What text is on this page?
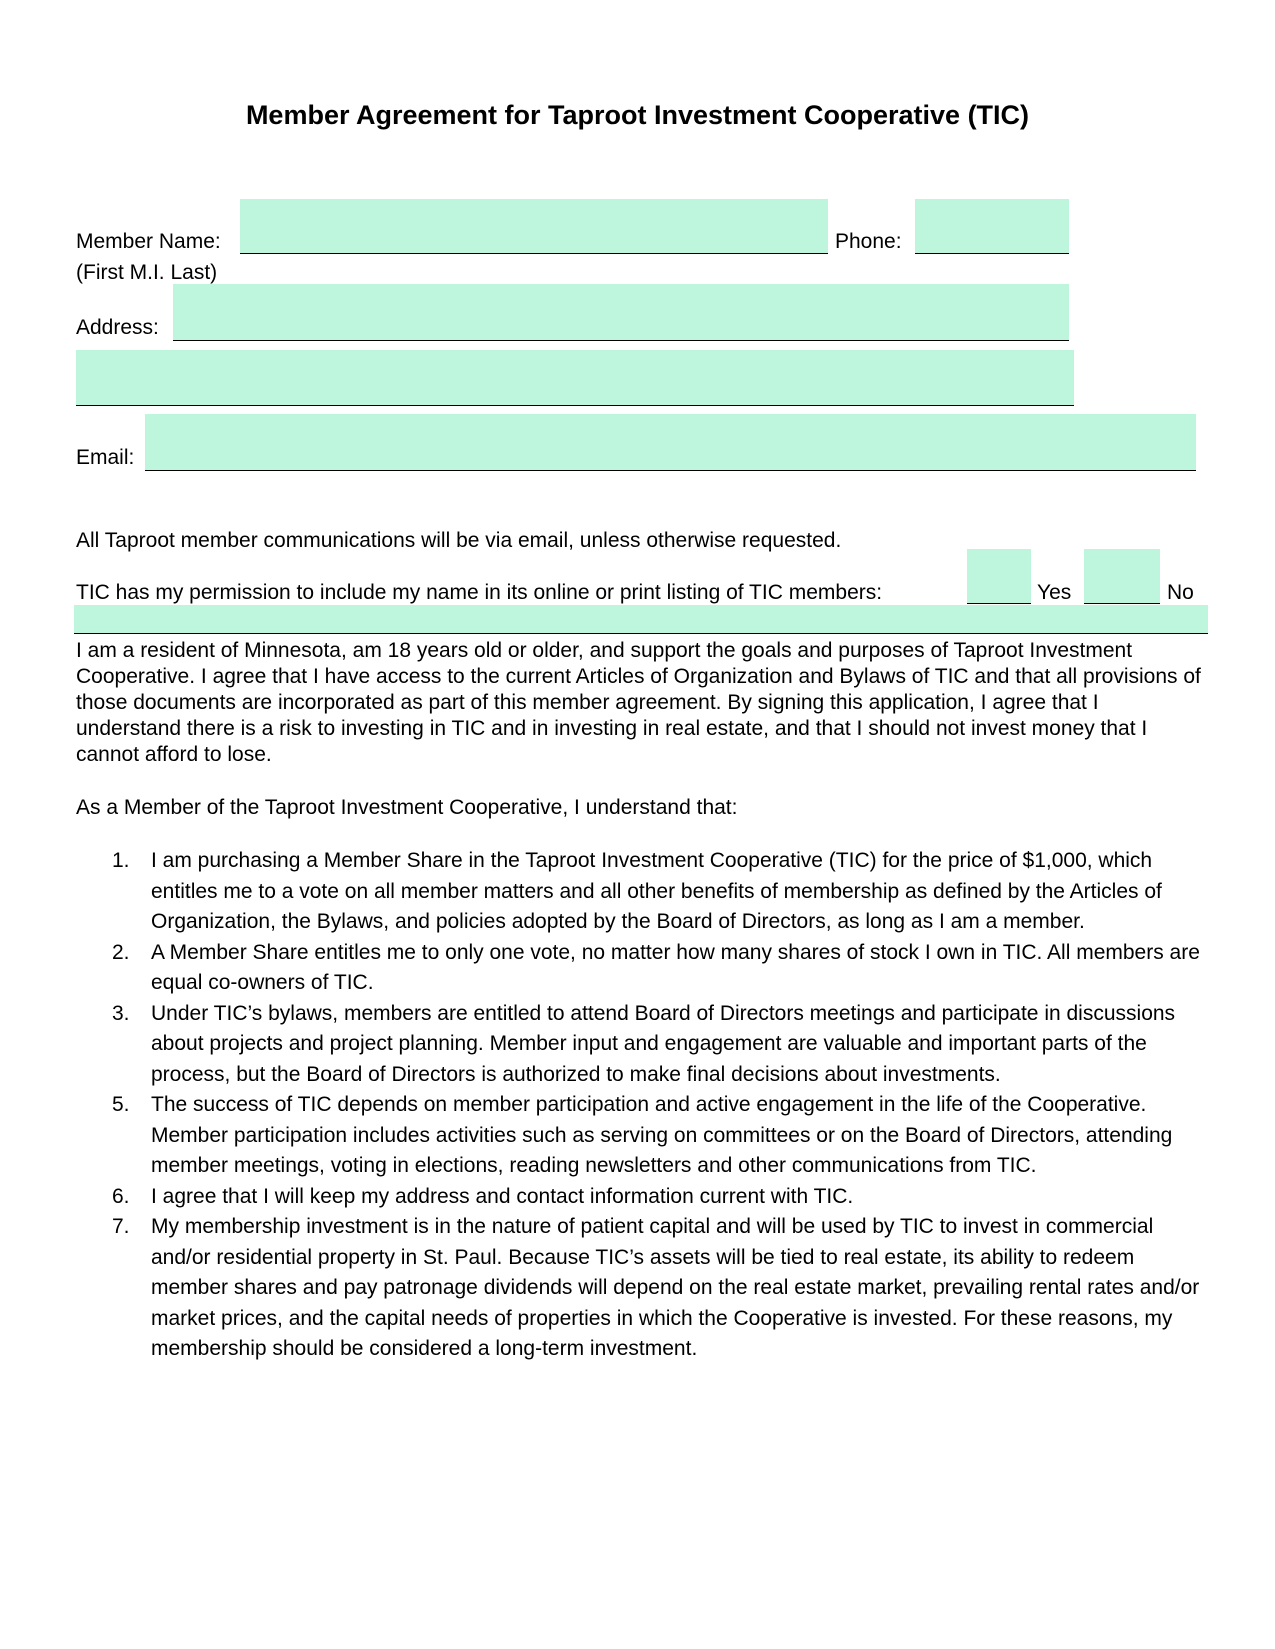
Member Agreement for Taproot Investment Cooperative (TIC)
Member Name:	Phone:
(First M.I. Last)
Address:
Email:
All Taproot member communications will be via email, unless otherwise requested.
TIC has my permission to include my name in its online or print listing of TIC members:	Yes	No
I am a resident of Minnesota, am 18 years old or older, and support the goals and purposes of Taproot Investment Cooperative. I agree that I have access to the current Articles of Organization and Bylaws of TIC and that all provisions of those documents are incorporated as part of this member agreement. By signing this application, I agree that I understand there is a risk to investing in TIC and in investing in real estate, and that I should not invest money that I cannot afford to lose.
As a Member of the Taproot Investment Cooperative, I understand that:
1. I am purchasing a Member Share in the Taproot Investment Cooperative (TIC) for the price of $1,000, which entitles me to a vote on all member matters and all other benefits of membership as defined by the Articles of Organization, the Bylaws, and policies adopted by the Board of Directors, as long as I am a member.
2. A Member Share entitles me to only one vote, no matter how many shares of stock I own in TIC. All members are equal co-owners of TIC.
3. Under TIC’s bylaws, members are entitled to attend Board of Directors meetings and participate in discussions about projects and project planning. Member input and engagement are valuable and important parts of the process, but the Board of Directors is authorized to make final decisions about investments.
5. The success of TIC depends on member participation and active engagement in the life of the Cooperative. Member participation includes activities such as serving on committees or on the Board of Directors, attending member meetings, voting in elections, reading newsletters and other communications from TIC.
6. I agree that I will keep my address and contact information current with TIC.
7. My membership investment is in the nature of patient capital and will be used by TIC to invest in commercial and/or residential property in St. Paul. Because TIC’s assets will be tied to real estate, its ability to redeem member shares and pay patronage dividends will depend on the real estate market, prevailing rental rates and/or market prices, and the capital needs of properties in which the Cooperative is invested. For these reasons, my membership should be considered a long-term investment.
